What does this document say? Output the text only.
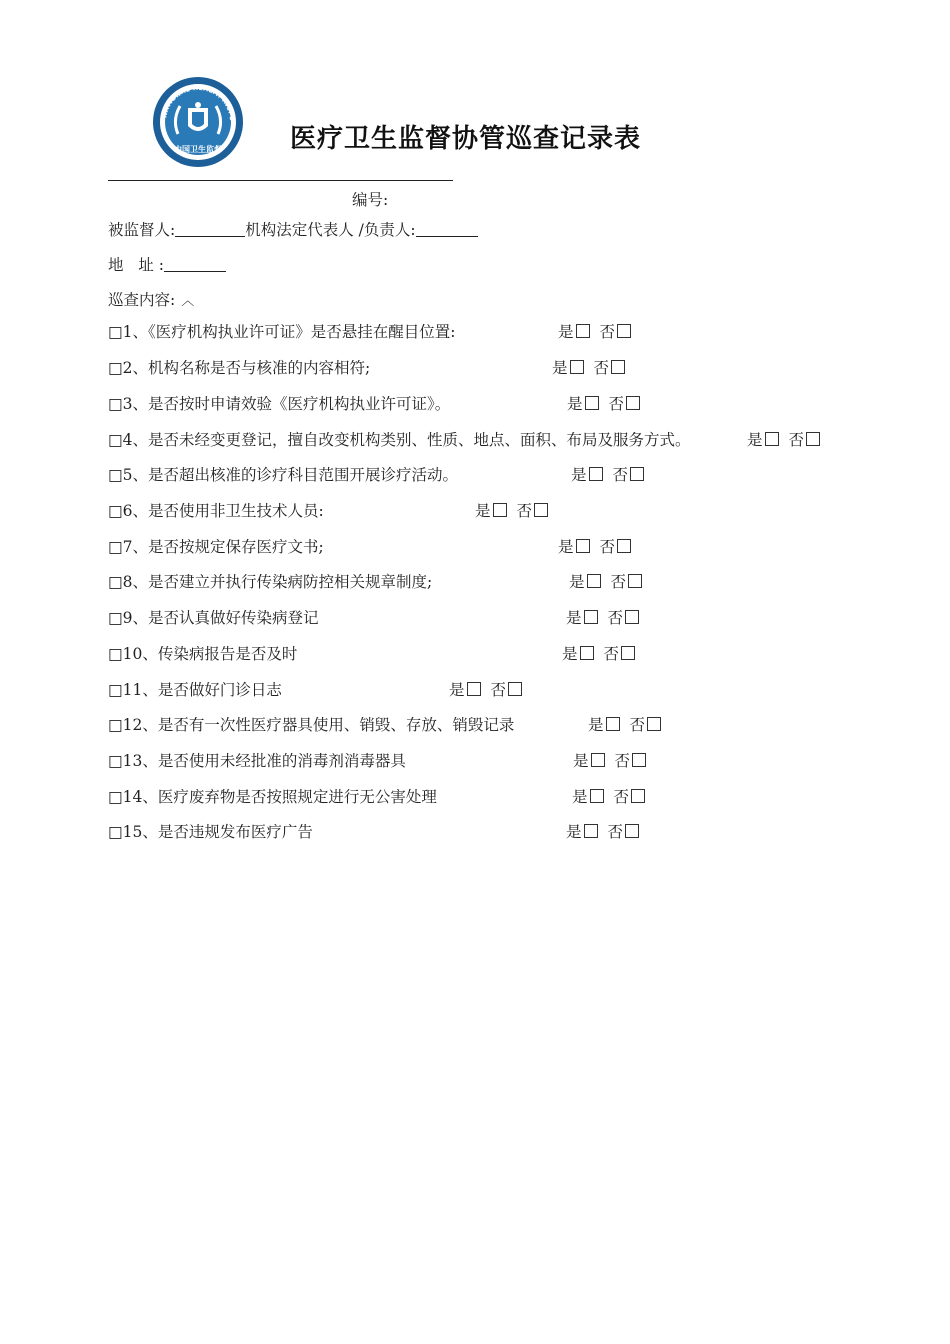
NATIONAL HEALTH INSPE
中国卫生监督	医疗卫生监督协管巡查记录表
编号:
被监督人:	机构法定代表人 /负责人:
地   址 :
巡查内容: ︿
□1、《医疗机构执业许可证》是否悬挂在醒目位置:	是 否
□2、机构名称是否与核准的内容相符;	是 否
□3、是否按时申请效验《医疗机构执业许可证》。	是 否
□4、是否未经变更登记，擅自改变机构类别、性质、地点、面积、布局及服务方式。	是 否
□5、是否超出核准的诊疗科目范围开展诊疗活动。	是 否
□6、是否使用非卫生技术人员:	是 否
□7、是否按规定保存医疗文书;	是 否
□8、是否建立并执行传染病防控相关规章制度;	是 否
□9、是否认真做好传染病登记	是 否
□10、传染病报告是否及时	是 否
□11、是否做好门诊日志	是 否
□12、是否有一次性医疗器具使用、销毁、存放、销毁记录	是 否
□13、是否使用未经批准的消毒剂消毒器具	是 否
□14、医疗废弃物是否按照规定进行无公害处理	是 否
□15、是否违规发布医疗广告	是 否
